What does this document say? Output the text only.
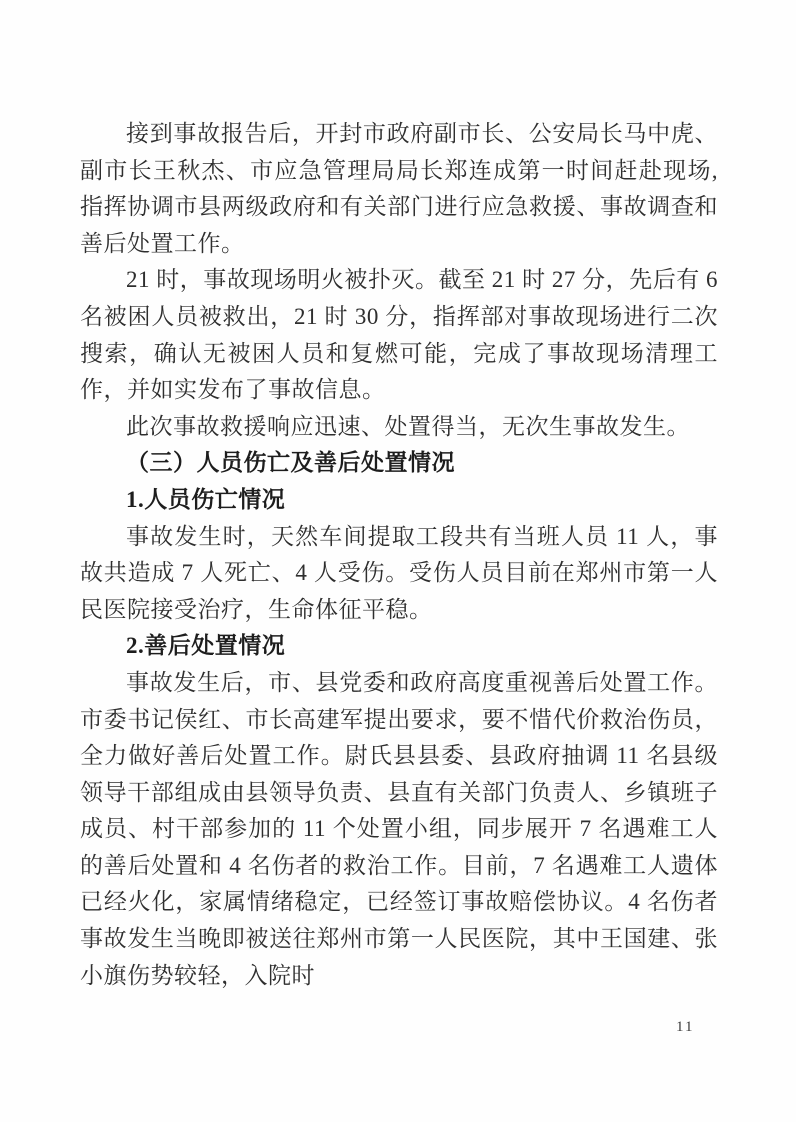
接到事故报告后，开封市政府副市长、公安局长马中虎、副市长王秋杰、市应急管理局局长郑连成第一时间赶赴现场,指挥协调市县两级政府和有关部门进行应急救援、事故调查和善后处置工作。

21 时，事故现场明火被扑灭。截至 21 时 27 分，先后有 6 名被困人员被救出，21 时 30 分，指挥部对事故现场进行二次搜索，确认无被困人员和复燃可能，完成了事故现场清理工作，并如实发布了事故信息。

此次事故救援响应迅速、处置得当，无次生事故发生。

（三）人员伤亡及善后处置情况

1.人员伤亡情况

事故发生时，天然车间提取工段共有当班人员 11 人，事故共造成 7 人死亡、4 人受伤。受伤人员目前在郑州市第一人民医院接受治疗，生命体征平稳。

2.善后处置情况

事故发生后，市、县党委和政府高度重视善后处置工作。市委书记侯红、市长高建军提出要求，要不惜代价救治伤员，全力做好善后处置工作。尉氏县县委、县政府抽调 11 名县级领导干部组成由县领导负责、县直有关部门负责人、乡镇班子成员、村干部参加的 11 个处置小组，同步展开 7 名遇难工人的善后处置和 4 名伤者的救治工作。目前，7 名遇难工人遗体已经火化，家属情绪稳定，已经签订事故赔偿协议。4 名伤者事故发生当晚即被送往郑州市第一人民医院，其中王国建、张小旗伤势较轻，入院时

11
